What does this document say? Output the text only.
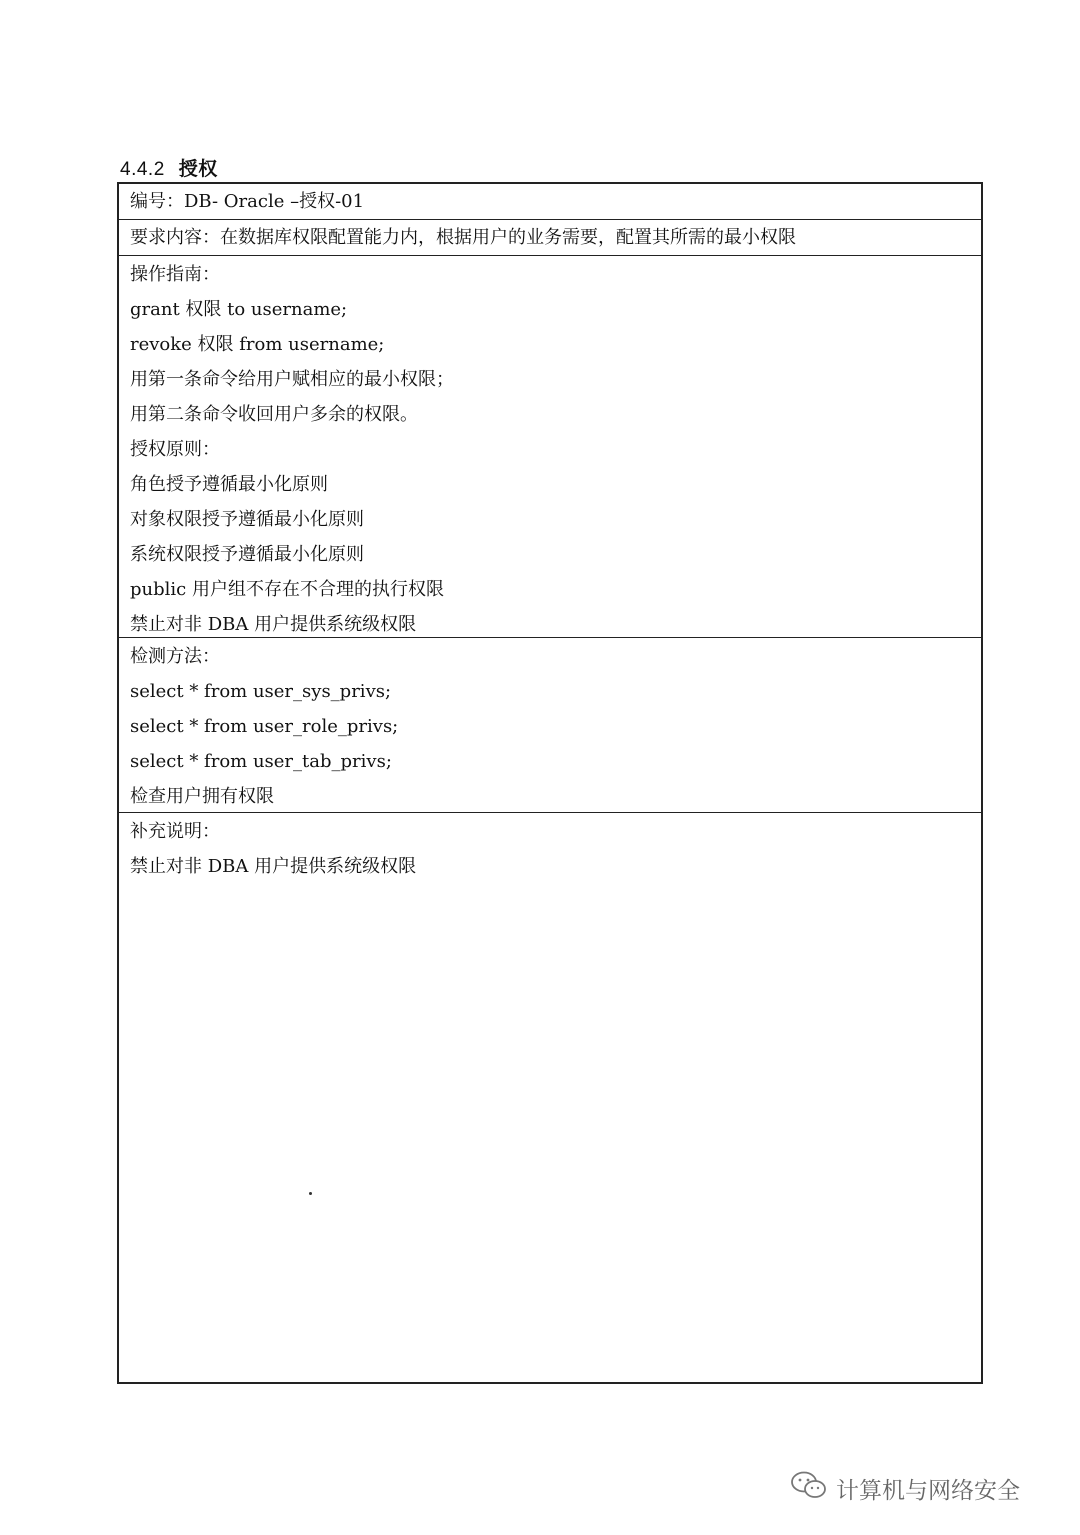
4.4.2 授权
编号：DB- Oracle –授权-01
要求内容：在数据库权限配置能力内，根据用户的业务需要，配置其所需的最小权限
操作指南：
grant 权限 to username;
revoke 权限 from username;
用第一条命令给用户赋相应的最小权限；
用第二条命令收回用户多余的权限。
授权原则：
角色授予遵循最小化原则
对象权限授予遵循最小化原则
系统权限授予遵循最小化原则
public 用户组不存在不合理的执行权限
禁止对非 DBA 用户提供系统级权限
检测方法：
select * from user_sys_privs;
select * from user_role_privs;
select * from user_tab_privs;
检查用户拥有权限
补充说明：
禁止对非 DBA 用户提供系统级权限
计算机与网络安全
